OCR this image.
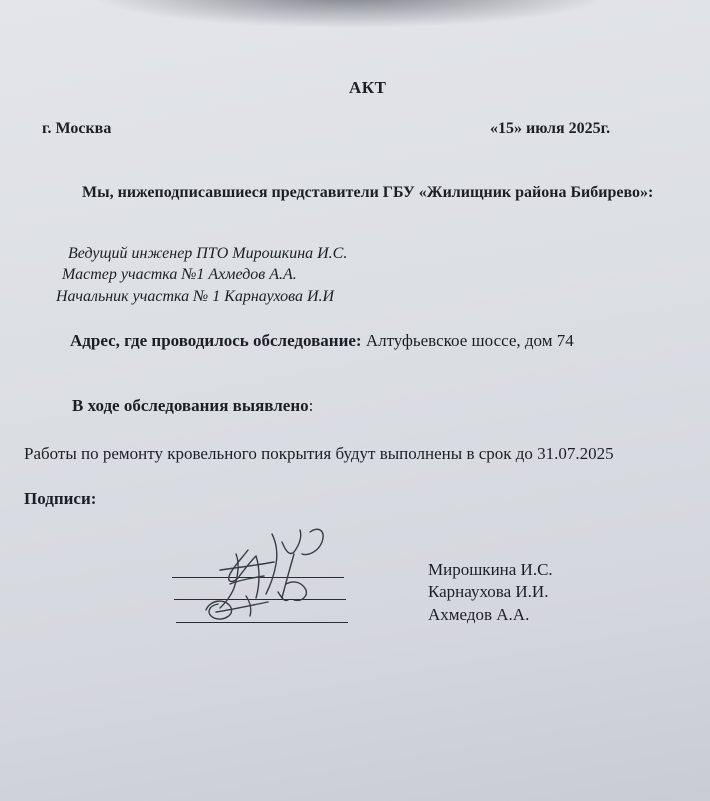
АКТ
г. Москва	«15» июля 2025г.
Мы, нижеподписавшиеся представители ГБУ «Жилищник района Бибирево»:
Ведущий инженер ПТО Мирошкина И.С.
Мастер участка №1 Ахмедов А.А.
Начальник участка № 1 Карнаухова И.И
Адрес, где проводилось обследование: Алтуфьевское шоссе, дом 74
В ходе обследования выявлено:
Работы по ремонту кровельного покрытия будут выполнены в срок до 31.07.2025
Подписи:
Мирошкина И.С.
Карнаухова И.И.
Ахмедов А.А.
